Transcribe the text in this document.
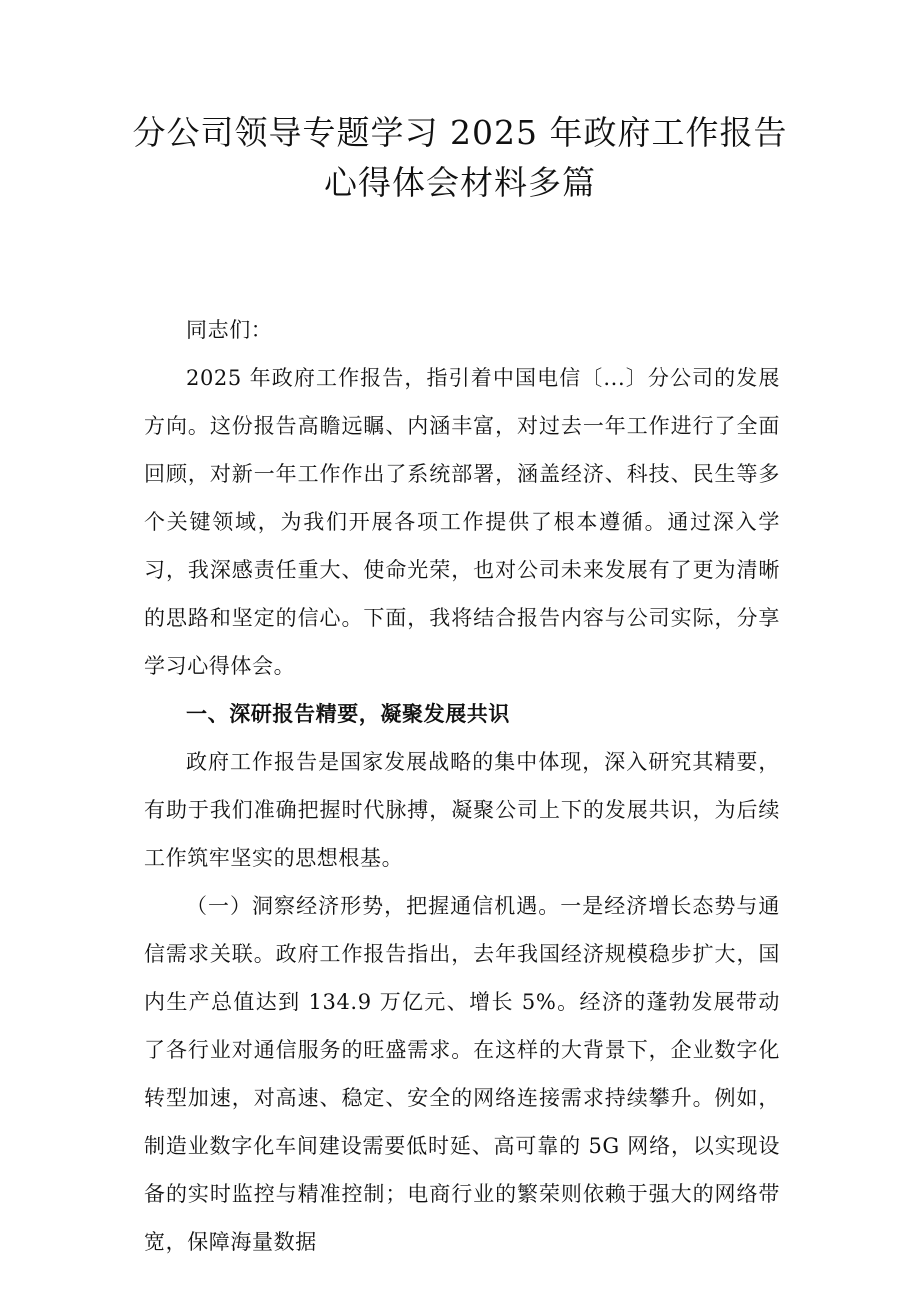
分公司领导专题学习 2025 年政府工作报告
心得体会材料多篇

同志们：

2025 年政府工作报告，指引着中国电信〔...〕分公司的发展方向。这份报告高瞻远瞩、内涵丰富，对过去一年工作进行了全面回顾，对新一年工作作出了系统部署，涵盖经济、科技、民生等多个关键领域，为我们开展各项工作提供了根本遵循。通过深入学习，我深感责任重大、使命光荣，也对公司未来发展有了更为清晰的思路和坚定的信心。下面，我将结合报告内容与公司实际，分享学习心得体会。

一、深研报告精要，凝聚发展共识

政府工作报告是国家发展战略的集中体现，深入研究其精要，有助于我们准确把握时代脉搏，凝聚公司上下的发展共识，为后续工作筑牢坚实的思想根基。

（一）洞察经济形势，把握通信机遇。一是经济增长态势与通信需求关联。政府工作报告指出，去年我国经济规模稳步扩大，国内生产总值达到 134.9 万亿元、增长 5%。经济的蓬勃发展带动了各行业对通信服务的旺盛需求。在这样的大背景下，企业数字化转型加速，对高速、稳定、安全的网络连接需求持续攀升。例如，制造业数字化车间建设需要低时延、高可靠的 5G 网络，以实现设备的实时监控与精准控制；电商行业的繁荣则依赖于强大的网络带宽，保障海量数据
